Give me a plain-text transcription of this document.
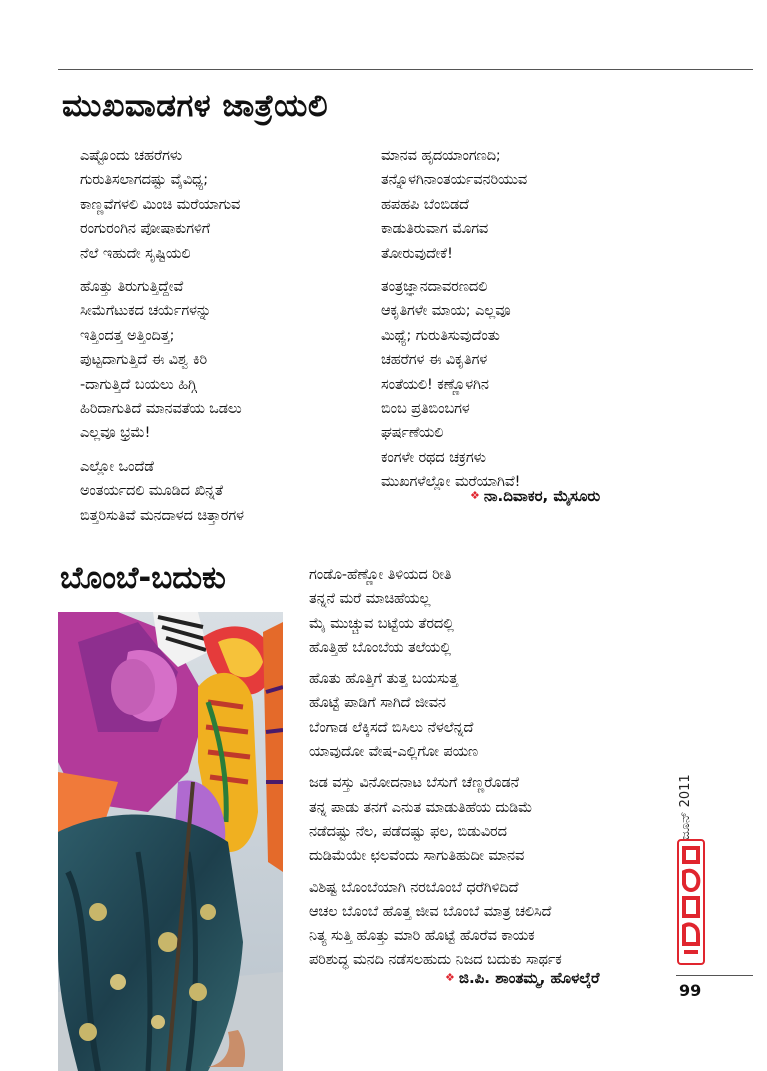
ಮುಖವಾಡಗಳ ಜಾತ್ರೆಯಲಿ
ಎಷ್ಟೊಂದು ಚಹರೆಗಳು
ಗುರುತಿಸಲಾಗದಷ್ಟು ವೈವಿಧ್ಯ;
ಕಾಣ್ಣವೆಗಳಲಿ ಮಿಂಚಿ ಮರೆಯಾಗುವ
ರಂಗುರಂಗಿನ ಪೋಷಾಕುಗಳಿಗೆ
ನೆಲೆ ಇಹುದೇ ಸೃಷ್ಟಿಯಲಿ
ಹೊತ್ತು ತಿರುಗುತ್ತಿದ್ದೇವೆ
ಸೀಮೆಗೆಟುಕದ ಚರ್ಯೆಗಳನ್ನು
ಇತ್ತಿಂದತ್ತ ಅತ್ತಿಂದಿತ್ತ;
ಪುಟ್ಟದಾಗುತ್ತಿದೆ ಈ ವಿಶ್ವ ಕಿರಿ
-ದಾಗುತ್ತಿದೆ ಬಯಲು ಹಿಗ್ಗಿ
ಹಿರಿದಾಗುತಿದೆ ಮಾನವತೆಯ ಒಡಲು
ಎಲ್ಲವೂ ಭ್ರಮೆ!
ಎಲ್ಲೋ ಒಂದೆಡೆ
ಅಂತರ್ಯದಲಿ ಮೂಡಿದ ಖಿನ್ನತೆ
ಬಿತ್ತರಿಸುತಿವೆ ಮನದಾಳದ ಚಿತ್ತಾರಗಳ
ಮಾನವ ಹೃದಯಾಂಗಣದಿ;
ತನ್ನೊಳಗಿನಾಂತರ್ಯವನರಿಯುವ
ಹಪಹಪಿ ಬೆಂಬಿಡದೆ
ಕಾಡುತಿರುವಾಗ ಮೊಗವ
ತೋರುವುದೇಕೆ!
ತಂತ್ರಜ್ಞಾನದಾವರಣದಲಿ
ಆಕೃತಿಗಳೇ ಮಾಯ; ಎಲ್ಲವೂ
ಮಿಥ್ಯೆ; ಗುರುತಿಸುವುದೆಂತು
ಚಹರೆಗಳ ಈ ವಿಕೃತಿಗಳ
ಸಂತೆಯಲಿ! ಕಣ್ಣೊಳಗಿನ
ಬಿಂಬ ಪ್ರತಿಬಿಂಬಗಳ
ಘರ್ಷಣೆಯಲಿ
ಕಂಗಳೇ ರಥದ ಚಕ್ರಗಳು
ಮುಖಗಳೆಲ್ಲೋ ಮರೆಯಾಗಿವೆ!
❖ ನಾ.ದಿವಾಕರ, ಮೈಸೂರು
ಬೊಂಬೆ-ಬದುಕು	ಗಂಡೊ-ಹೆಣ್ಣೋ ತಿಳಿಯದ ರೀತಿ
ತನ್ನನೆ ಮರೆ ಮಾಚಿಹೆಯಲ್ಲ
ಮೈ ಮುಚ್ಚುವ ಬಟ್ಟೆಯ ತೆರದಲ್ಲಿ
ಹೊತ್ತಿಹೆ ಬೊಂಬೆಯ ತಲೆಯಲ್ಲಿ
ಹೊತು ಹೊತ್ತಿಗೆ ತುತ್ತ ಬಯಸುತ್ತ
ಹೊಟ್ಟೆ ಪಾಡಿಗೆ ಸಾಗಿದೆ ಜೀವನ
ಬೆಂಗಾಡ ಲೆಕ್ಕಿಸದೆ ಬಿಸಿಲು ನೆಳಲೆನ್ನದೆ
ಯಾವುದೋ ವೇಷ-ಎಲ್ಲಿಗೋ ಪಯಣ
ಜಡ ವಸ್ತು ವಿನೋದನಾಟ ಬೆಸುಗೆ ಚೆಣ್ಣರೊಡನೆ
ತನ್ನ ಪಾಡು ತನಗೆ ಎನುತ ಮಾಡುತಿಹೆಯ ದುಡಿಮೆ
ನಡೆದಷ್ಟು ನೆಲ, ಪಡೆದಷ್ಟು ಫಲ, ಬಿಡುವಿರದ
ದುಡಿಮೆಯೇ ಛಲವೆಂದು ಸಾಗುತಿಹುದೀ ಮಾನವ
ವಿಶಿಷ್ಟ ಬೊಂಬೆಯಾಗಿ ನರಬೊಂಬೆ ಧರೆಗಿಳಿದಿದೆ
ಆಚಲ ಬೊಂಬೆ ಹೊತ್ತ ಜೀವ ಬೊಂಬೆ ಮಾತ್ರ ಚಲಿಸಿದೆ
ನಿತ್ಯ ಸುತ್ತಿ ಹೊತ್ತು ಮಾರಿ ಹೊಟ್ಟೆ ಹೊರೆವ ಕಾಯಕ
ಪರಿಶುದ್ಧ ಮನದಿ ನಡೆಸಲಹುದು ನಿಜದ ಬದುಕು ಸಾರ್ಥಕ
❖ ಜಿ.ಪಿ. ಶಾಂತಮ್ಮ, ಹೊಳಲ್ಕೆರೆ
ಜೂನ್ 2011
99
